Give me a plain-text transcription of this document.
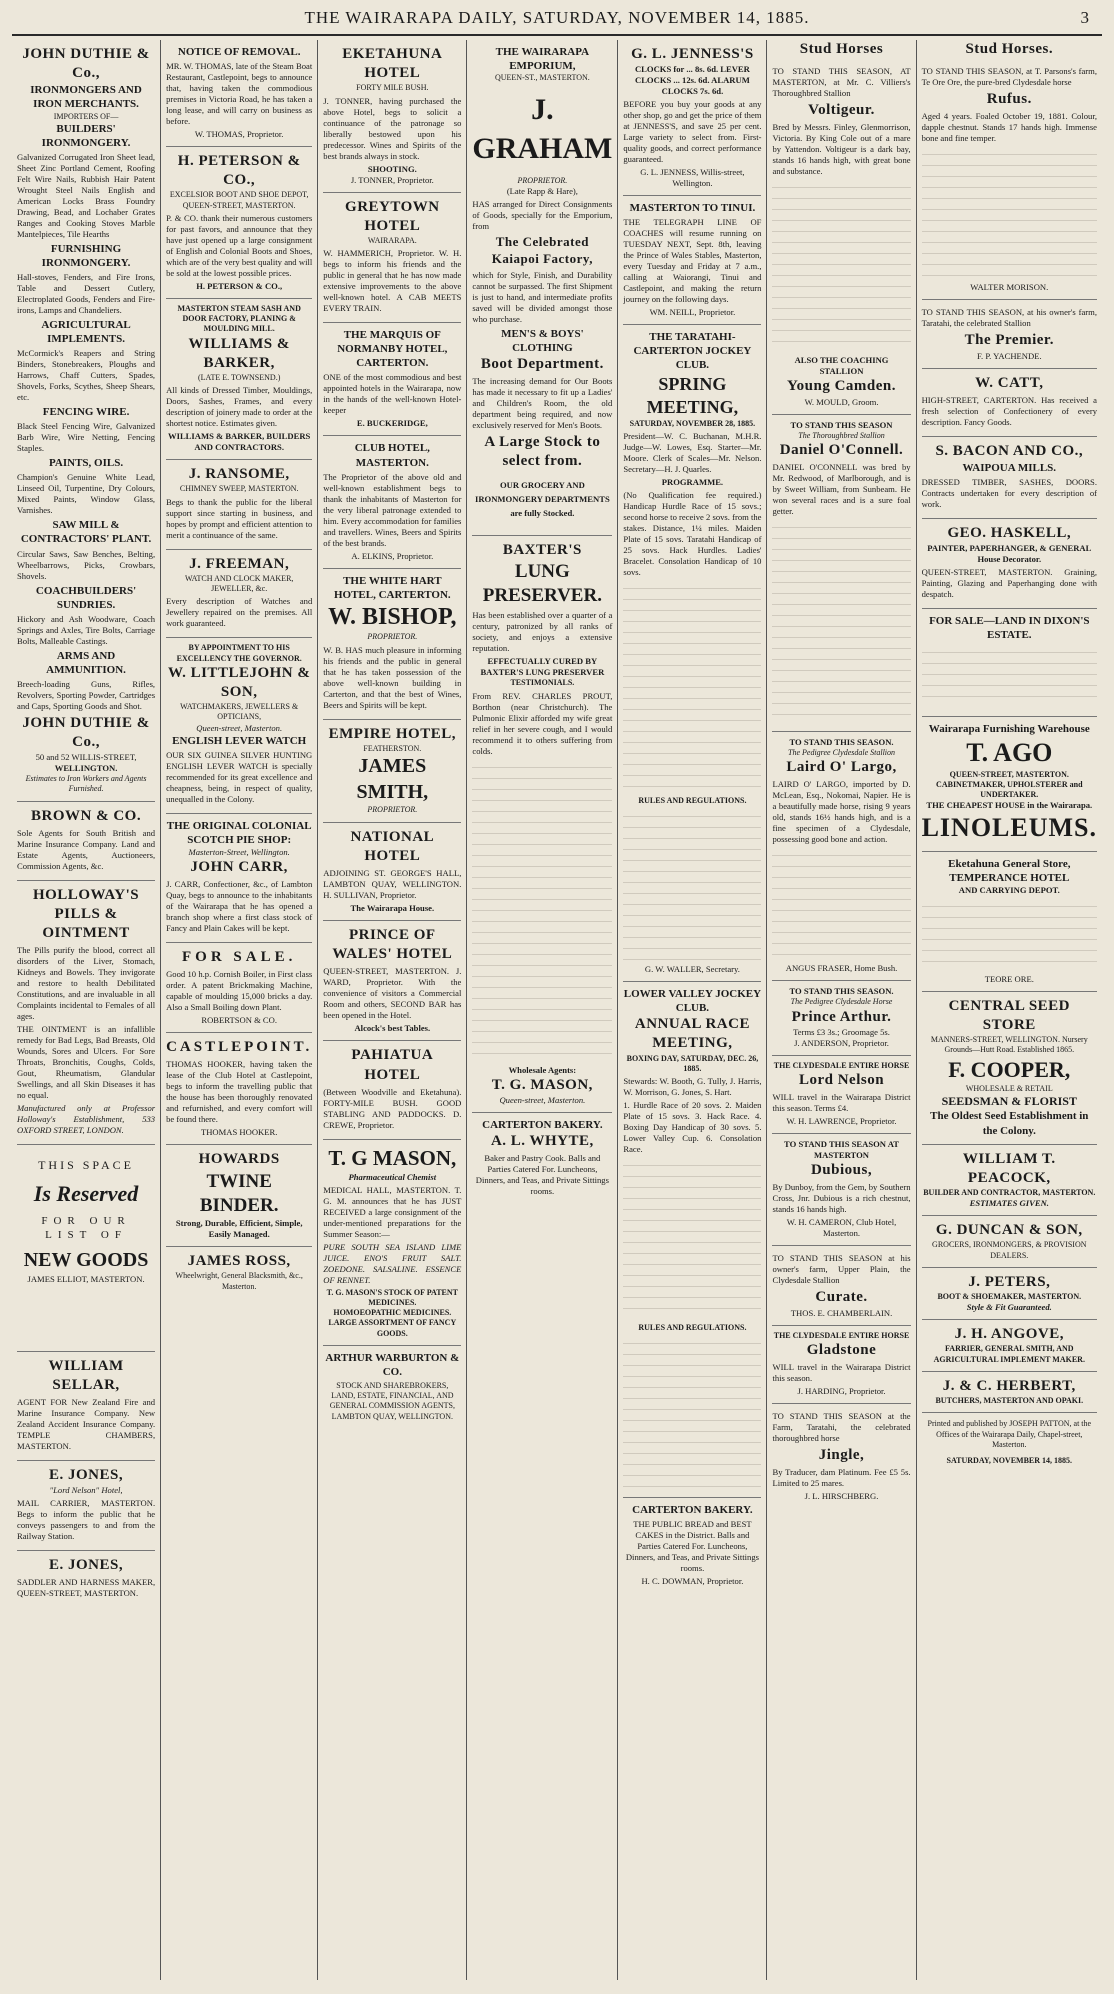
THE WAIRARAPA DAILY, SATURDAY, NOVEMBER 14, 1885.	3
JOHN DUTHIE & Co.,
IRONMONGERS AND IRON MERCHANTS.
IMPORTERS OF—
BUILDERS' IRONMONGERY.

Galvanized Corrugated Iron Sheet lead, Sheet Zinc Portland Cement, Roofing Felt Wire Nails, Rubbish Hair Patent Wrought Steel Nails English and American Locks Brass Foundry Drawing, Bead, and Lochaber Grates Ranges and Cooking Stoves Marble Mantelpieces, Tile Hearths

FURNISHING IRONMONGERY.

Hall-stoves, Fenders, and Fire Irons, Table and Dessert Cutlery, Electroplated Goods, Fenders and Fire-irons, Lamps and Chandeliers.

AGRICULTURAL IMPLEMENTS.

McCormick's Reapers and String Binders, Stonebreakers, Ploughs and Harrows, Chaff Cutters, Spades, Shovels, Forks, Scythes, Sheep Shears, etc.

FENCING WIRE.

Black Steel Fencing Wire, Galvanized Barb Wire, Wire Netting, Fencing Staples.

PAINTS, OILS.

Champion's Genuine White Lead, Linseed Oil, Turpentine, Dry Colours, Mixed Paints, Window Glass, Varnishes.

SAW MILL & CONTRACTORS' PLANT.

Circular Saws, Saw Benches, Belting, Wheelbarrows, Picks, Crowbars, Shovels.

COACHBUILDERS' SUNDRIES.

Hickory and Ash Woodware, Coach Springs and Axles, Tire Bolts, Carriage Bolts, Malleable Castings.

ARMS AND AMMUNITION.

Breech-loading Guns, Rifles, Revolvers, Sporting Powder, Cartridges and Caps, Sporting Goods and Shot.

JOHN DUTHIE & Co.,
50 and 52 WILLIS-STREET,
WELLINGTON.
Estimates to Iron Workers and Agents Furnished.
BROWN & CO.

Sole Agents for South British and Marine Insurance Company. Land and Estate Agents, Auctioneers, Commission Agents, &c.

HOLLOWAY'S PILLS & OINTMENT

The Pills purify the blood, correct all disorders of the Liver, Stomach, Kidneys and Bowels. They invigorate and restore to health Debilitated Constitutions, and are invaluable in all Complaints incidental to Females of all ages.

THE OINTMENT is an infallible remedy for Bad Legs, Bad Breasts, Old Wounds, Sores and Ulcers. For Sore Throats, Bronchitis, Coughs, Colds, Gout, Rheumatism, Glandular Swellings, and all Skin Diseases it has no equal.

Manufactured only at Professor Holloway's Establishment, 533 OXFORD STREET, LONDON.

THIS SPACE
Is Reserved
FOR OUR LIST OF
NEW GOODS
JAMES ELLIOT, MASTERTON.
WILLIAM SELLAR,

AGENT FOR New Zealand Fire and Marine Insurance Company. New Zealand Accident Insurance Company. TEMPLE CHAMBERS, MASTERTON.

E. JONES,
"Lord Nelson" Hotel,

MAIL CARRIER, MASTERTON. Begs to inform the public that he conveys passengers to and from the Railway Station.

E. JONES,

SADDLER AND HARNESS MAKER, QUEEN-STREET, MASTERTON.

NOTICE OF REMOVAL.

MR. W. THOMAS, late of the Steam Boat Restaurant, Castlepoint, begs to announce that, having taken the commodious premises in Victoria Road, he has taken a long lease, and will carry on business as before.

W. THOMAS, Proprietor.
H. PETERSON & CO.,
EXCELSIOR BOOT AND SHOE DEPOT, QUEEN-STREET, MASTERTON.

P. & CO. thank their numerous customers for past favors, and announce that they have just opened up a large consignment of English and Colonial Boots and Shoes, which are of the very best quality and will be sold at the lowest possible prices.

H. PETERSON & CO.,
MASTERTON STEAM SASH AND DOOR FACTORY, PLANING & MOULDING MILL.
WILLIAMS & BARKER,
(LATE E. TOWNSEND.)

All kinds of Dressed Timber, Mouldings, Doors, Sashes, Frames, and every description of joinery made to order at the shortest notice. Estimates given.

WILLIAMS & BARKER, BUILDERS AND CONTRACTORS.
J. RANSOME,
CHIMNEY SWEEP, MASTERTON.

Begs to thank the public for the liberal support since starting in business, and hopes by prompt and efficient attention to merit a continuance of the same.

J. FREEMAN,
WATCH AND CLOCK MAKER, JEWELLER, &c.

Every description of Watches and Jewellery repaired on the premises. All work guaranteed.

BY APPOINTMENT TO HIS EXCELLENCY THE GOVERNOR.
W. LITTLEJOHN & SON,
WATCHMAKERS, JEWELLERS & OPTICIANS,
Queen-street, Masterton.
ENGLISH LEVER WATCH

OUR SIX GUINEA SILVER HUNTING ENGLISH LEVER WATCH is specially recommended for its great excellence and cheapness, being, in respect of quality, unequalled in the Colony.

THE ORIGINAL COLONIAL SCOTCH PIE SHOP:
Masterton-Street, Wellington.
JOHN CARR,

J. CARR, Confectioner, &c., of Lambton Quay, begs to announce to the inhabitants of the Wairarapa that he has opened a branch shop where a first class stock of Fancy and Plain Cakes will be kept.

FOR SALE.

Good 10 h.p. Cornish Boiler, in First class order. A patent Brickmaking Machine, capable of moulding 15,000 bricks a day. Also a Small Boiling down Plant.

ROBERTSON & CO.
CASTLEPOINT.

THOMAS HOOKER, having taken the lease of the Club Hotel at Castlepoint, begs to inform the travelling public that the house has been thoroughly renovated and refurnished, and every comfort will be found there.

THOMAS HOOKER.
HOWARDS
TWINE BINDER.
Strong, Durable, Efficient, Simple, Easily Managed.
JAMES ROSS,
Wheelwright, General Blacksmith, &c., Masterton.
EKETAHUNA HOTEL
FORTY MILE BUSH.

J. TONNER, having purchased the above Hotel, begs to solicit a continuance of the patronage so liberally bestowed upon his predecessor. Wines and Spirits of the best brands always in stock.

SHOOTING.
J. TONNER, Proprietor.
GREYTOWN HOTEL
WAIRARAPA.

W. HAMMERICH, Proprietor. W. H. begs to inform his friends and the public in general that he has now made extensive improvements to the above well-known hotel. A CAB MEETS EVERY TRAIN.

THE MARQUIS OF NORMANBY HOTEL, CARTERTON.

ONE of the most commodious and best appointed hotels in the Wairarapa, now in the hands of the well-known Hotel-keeper

E. BUCKERIDGE,
CLUB HOTEL, MASTERTON.

The Proprietor of the above old and well-known establishment begs to thank the inhabitants of Masterton for the very liberal patronage extended to him. Every accommodation for families and travellers. Wines, Beers and Spirits of the best brands.

A. ELKINS, Proprietor.
THE WHITE HART HOTEL, CARTERTON.
W. BISHOP,
PROPRIETOR.

W. B. HAS much pleasure in informing his friends and the public in general that he has taken possession of the above well-known building in Carterton, and that the best of Wines, Beers and Spirits will be kept.

EMPIRE HOTEL,
FEATHERSTON.
JAMES SMITH,
PROPRIETOR.
NATIONAL HOTEL

ADJOINING ST. GEORGE'S HALL, LAMBTON QUAY, WELLINGTON. H. SULLIVAN, Proprietor.

The Wairarapa House.
PRINCE OF WALES' HOTEL

QUEEN-STREET, MASTERTON. J. WARD, Proprietor. With the convenience of visitors a Commercial Room and others, SECOND BAR has been opened in the Hotel.

Alcock's best Tables.
PAHIATUA HOTEL

(Between Woodville and Eketahuna). FORTY-MILE BUSH. GOOD STABLING AND PADDOCKS. D. CREWE, Proprietor.

T. G MASON,
Pharmaceutical Chemist

MEDICAL HALL, MASTERTON. T. G. M. announces that he has JUST RECEIVED a large consignment of the under-mentioned preparations for the Summer Season:—

PURE SOUTH SEA ISLAND LIME JUICE. ENO'S FRUIT SALT. ZOEDONE. SALSALINE. ESSENCE OF RENNET.

T. G. MASON'S STOCK OF PATENT MEDICINES.
HOMOEOPATHIC MEDICINES.
LARGE ASSORTMENT OF FANCY GOODS.
ARTHUR WARBURTON & CO.

STOCK AND SHAREBROKERS, LAND, ESTATE, FINANCIAL, AND GENERAL COMMISSION AGENTS, LAMBTON QUAY, WELLINGTON.

THE WAIRARAPA EMPORIUM,
QUEEN-ST., MASTERTON.
J. GRAHAM
PROPRIETOR.
(Late Rapp & Hare),

HAS arranged for Direct Consignments of Goods, specially for the Emporium, from

The Celebrated Kaiapoi Factory,

which for Style, Finish, and Durability cannot be surpassed. The first Shipment is just to hand, and intermediate profits saved will be divided amongst those who purchase.

MEN'S & BOYS' CLOTHING
Boot Department.

The increasing demand for Our Boots has made it necessary to fit up a Ladies' and Children's Room, the old department being required, and now exclusively reserved for Men's Boots.

A Large Stock to select from.
OUR GROCERY AND IRONMONGERY DEPARTMENTS are fully Stocked.
BAXTER'S
LUNG PRESERVER.

Has been established over a quarter of a century, patronized by all ranks of society, and enjoys a extensive reputation.

EFFECTUALLY CURED BY BAXTER'S LUNG PRESERVER
TESTIMONIALS.

From REV. CHARLES PROUT, Borthon (near Christchurch). The Pulmonic Elixir afforded my wife great relief in her severe cough, and I would recommend it to others suffering from colds.

Wholesale Agents:
T. G. MASON,
Queen-street, Masterton.
CARTERTON BAKERY.
A. L. WHYTE,

Baker and Pastry Cook. Balls and Parties Catered For. Luncheons, Dinners, and Teas, and Private Sittings rooms.

G. L. JENNESS'S
CLOCKS for ... 8s. 6d. LEVER CLOCKS ... 12s. 6d. ALARUM CLOCKS 7s. 6d.

BEFORE you buy your goods at any other shop, go and get the price of them at JENNESS'S, and save 25 per cent. Large variety to select from. First-quality goods, and correct performance guaranteed.

G. L. JENNESS, Willis-street, Wellington.
MASTERTON TO TINUI.

THE TELEGRAPH LINE OF COACHES will resume running on TUESDAY NEXT, Sept. 8th, leaving the Prince of Wales Stables, Masterton, every Tuesday and Friday at 7 a.m., calling at Waiorangi, Tinui and Castlepoint, and making the return journey on the following days.

WM. NEILL, Proprietor.
THE TARATAHI-CARTERTON JOCKEY CLUB.
SPRING MEETING,
SATURDAY, NOVEMBER 28, 1885.

President—W. C. Buchanan, M.H.R. Judge—W. Lowes, Esq. Starter—Mr. Moore. Clerk of Scales—Mr. Nelson. Secretary—H. J. Quarles.

PROGRAMME.

(No Qualification fee required.) Handicap Hurdle Race of 15 sovs.; second horse to receive 2 sovs. from the stakes. Distance, 1¼ miles. Maiden Plate of 15 sovs. Taratahi Handicap of 25 sovs. Hack Hurdles. Ladies' Bracelet. Consolation Handicap of 10 sovs.

RULES AND REGULATIONS.
G. W. WALLER, Secretary.
LOWER VALLEY JOCKEY CLUB.
ANNUAL RACE MEETING,
BOXING DAY, SATURDAY, DEC. 26, 1885.

Stewards: W. Booth, G. Tully, J. Harris, W. Morrison, G. Jones, S. Hart.

1. Hurdle Race of 20 sovs. 2. Maiden Plate of 15 sovs. 3. Hack Race. 4. Boxing Day Handicap of 30 sovs. 5. Lower Valley Cup. 6. Consolation Race.

RULES AND REGULATIONS.
CARTERTON BAKERY.

THE PUBLIC BREAD and BEST CAKES in the District. Balls and Parties Catered For. Luncheons, Dinners, and Teas, and Private Sittings rooms.

H. C. DOWMAN, Proprietor.
Stud Horses

TO STAND THIS SEASON, AT MASTERTON, at Mr. C. Villiers's Thoroughbred Stallion

Voltigeur.

Bred by Messrs. Finley, Glenmorrison, Victoria. By King Cole out of a mare by Yattendon. Voltigeur is a dark bay, stands 16 hands high, with great bone and substance.

ALSO THE COACHING STALLION
Young Camden.
W. MOULD, Groom.
TO STAND THIS SEASON
The Thoroughbred Stallion
Daniel O'Connell.

DANIEL O'CONNELL was bred by Mr. Redwood, of Marlborough, and is by Sweet William, from Sunbeam. He won several races and is a sure foal getter.

TO STAND THIS SEASON.
The Pedigree Clydesdale Stallion
Laird O' Largo,

LAIRD O' LARGO, imported by D. McLean, Esq., Nokomai, Napier. He is a beautifully made horse, rising 9 years old, stands 16½ hands high, and is a fine specimen of a Clydesdale, possessing good bone and action.

ANGUS FRASER, Home Bush.
TO STAND THIS SEASON.
The Pedigree Clydesdale Horse
Prince Arthur.
Terms £3 3s.; Groomage 5s.
J. ANDERSON, Proprietor.
THE CLYDESDALE ENTIRE HORSE
Lord Nelson

WILL travel in the Wairarapa District this season. Terms £4.

W. H. LAWRENCE, Proprietor.
TO STAND THIS SEASON AT MASTERTON
Dubious,

By Dunboy, from the Gem, by Southern Cross, Jnr. Dubious is a rich chestnut, stands 16 hands high.

W. H. CAMERON, Club Hotel, Masterton.

TO STAND THIS SEASON at his owner's farm, Upper Plain, the Clydesdale Stallion

Curate.
THOS. E. CHAMBERLAIN.
THE CLYDESDALE ENTIRE HORSE
Gladstone

WILL travel in the Wairarapa District this season.

J. HARDING, Proprietor.

TO STAND THIS SEASON at the Farm, Taratahi, the celebrated thoroughbred horse

Jingle,

By Traducer, dam Platinum. Fee £5 5s. Limited to 25 mares.

J. L. HIRSCHBERG.
Stud Horses.

TO STAND THIS SEASON, at T. Parsons's farm, Te Ore Ore, the pure-bred Clydesdale horse

Rufus.

Aged 4 years. Foaled October 19, 1881. Colour, dapple chestnut. Stands 17 hands high. Immense bone and fine temper.

WALTER MORISON.

TO STAND THIS SEASON, at his owner's farm, Taratahi, the celebrated Stallion

The Premier.
F. P. YACHENDE.
W. CATT,

HIGH-STREET, CARTERTON. Has received a fresh selection of Confectionery of every description. Fancy Goods.

S. BACON AND CO.,
WAIPOUA MILLS.

DRESSED TIMBER, SASHES, DOORS. Contracts undertaken for every description of work.

GEO. HASKELL,
PAINTER, PAPERHANGER, & GENERAL House Decorator.

QUEEN-STREET, MASTERTON. Graining, Painting, Glazing and Paperhanging done with despatch.

FOR SALE—LAND IN DIXON'S ESTATE.
Wairarapa Furnishing Warehouse
T. AGO
QUEEN-STREET, MASTERTON. CABINETMAKER, UPHOLSTERER and UNDERTAKER.
THE CHEAPEST HOUSE in the Wairarapa.
LINOLEUMS.
Eketahuna General Store, TEMPERANCE HOTEL
AND CARRYING DEPOT.
TEORE ORE.
CENTRAL SEED STORE
MANNERS-STREET, WELLINGTON. Nursery Grounds—Hutt Road. Established 1865.
F. COOPER,
WHOLESALE & RETAIL
SEEDSMAN & FLORIST
The Oldest Seed Establishment in the Colony.
WILLIAM T. PEACOCK,
BUILDER AND CONTRACTOR, MASTERTON.
ESTIMATES GIVEN.
G. DUNCAN & SON,
GROCERS, IRONMONGERS, & PROVISION DEALERS.
J. PETERS,
BOOT & SHOEMAKER, MASTERTON.
Style & Fit Guaranteed.
J. H. ANGOVE,
FARRIER, GENERAL SMITH, AND AGRICULTURAL IMPLEMENT MAKER.
J. & C. HERBERT,
BUTCHERS, MASTERTON AND OPAKI.
Printed and published by JOSEPH PATTON, at the Offices of the Wairarapa Daily, Chapel-street, Masterton.
SATURDAY, NOVEMBER 14, 1885.
